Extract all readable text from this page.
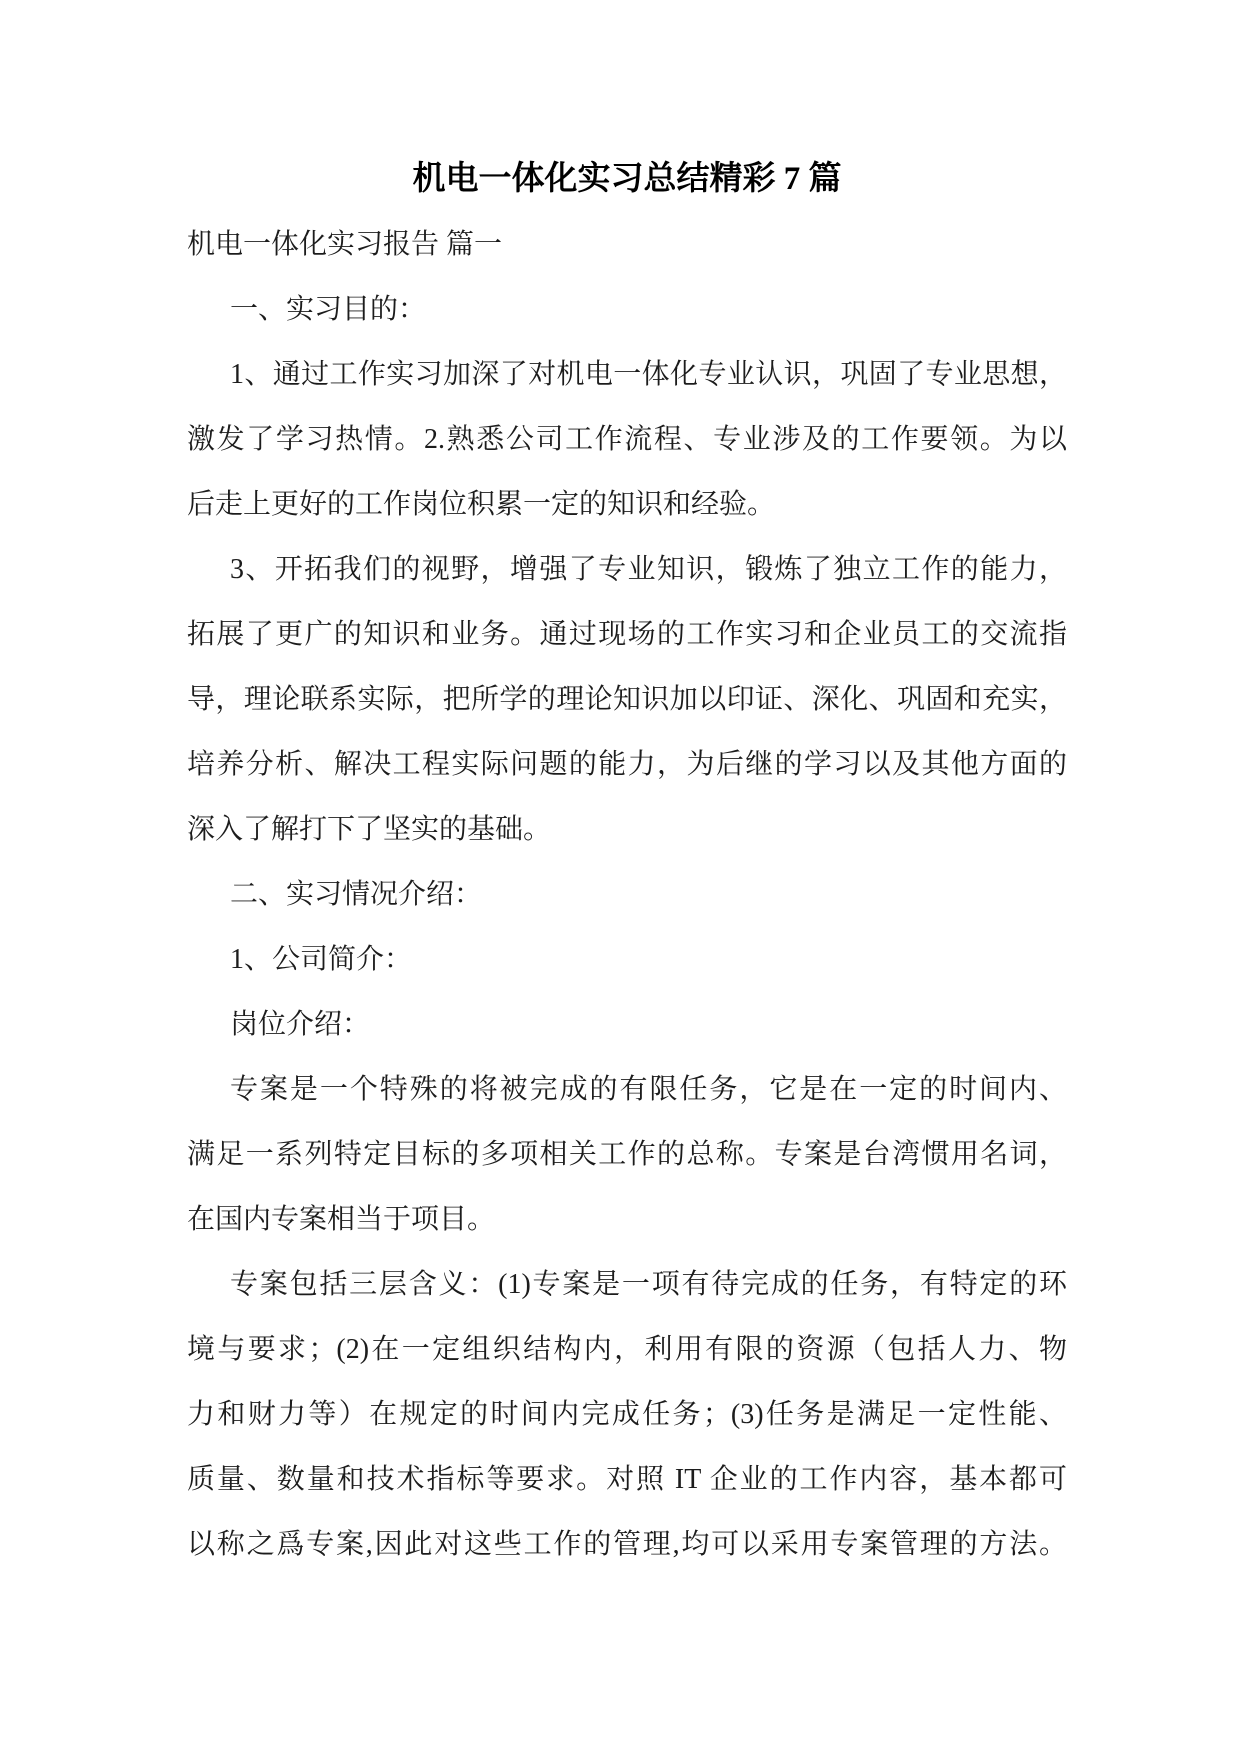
机电一体化实习总结精彩 7 篇
机电一体化实习报告 篇一
一、实习目的：
1、通过工作实习加深了对机电一体化专业认识，巩固了专业思想，
激发了学习热情。2.熟悉公司工作流程、专业涉及的工作要领。为以
后走上更好的工作岗位积累一定的知识和经验。
3、开拓我们的视野，增强了专业知识，锻炼了独立工作的能力，
拓展了更广的知识和业务。通过现场的工作实习和企业员工的交流指
导，理论联系实际，把所学的理论知识加以印证、深化、巩固和充实，
培养分析、解决工程实际问题的能力，为后继的学习以及其他方面的
深入了解打下了坚实的基础。
二、实习情况介绍：
1、公司简介：
岗位介绍：
专案是一个特殊的将被完成的有限任务，它是在一定的时间内、
满足一系列特定目标的多项相关工作的总称。专案是台湾惯用名词，
在国内专案相当于项目。
专案包括三层含义：(1)专案是一项有待完成的任务，有特定的环
境与要求；(2)在一定组织结构内，利用有限的资源（包括人力、物
力和财力等）在规定的时间内完成任务；(3)任务是满足一定性能、
质量、数量和技术指标等要求。对照 IT 企业的工作内容，基本都可
以称之爲专案,因此对这些工作的管理,均可以采用专案管理的方法。
